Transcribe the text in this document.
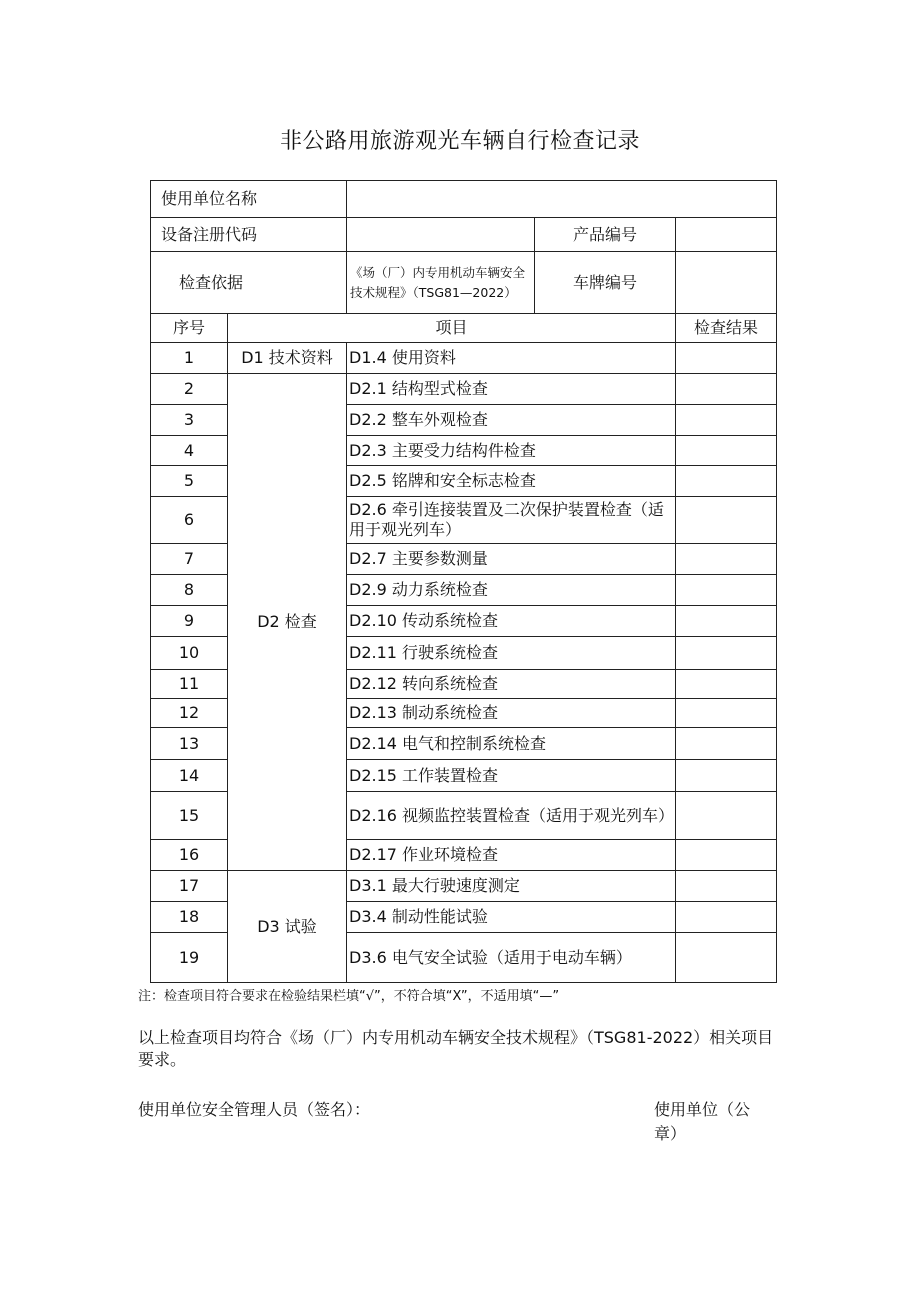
非公路用旅游观光车辆自行检查记录
使用单位名称				
设备注册代码			产品编号	
检查依据		《场（厂）内专用机动车辆安全技术规程》（TSG81—2022）	车牌编号	
序号	项目			检查结果
1	D1 技术资料	D1.4 使用资料		
2	D2 检查	D2.1 结构型式检查		
3		D2.2 整车外观检查		
4		D2.3 主要受力结构件检查		
5		D2.5 铭牌和安全标志检查		
6		D2.6 牵引连接装置及二次保护装置检查（适用于观光列车）		
7		D2.7 主要参数测量		
8		D2.9 动力系统检查		
9		D2.10 传动系统检查		
10		D2.11 行驶系统检查		
11		D2.12 转向系统检查		
12		D2.13 制动系统检查		
13		D2.14 电气和控制系统检查		
14		D2.15 工作装置检查		
15		D2.16 视频监控装置检查（适用于观光列车）		
16		D2.17 作业环境检查		
17	D3 试验	D3.1 最大行驶速度测定		
18		D3.4 制动性能试验		
19		D3.6 电气安全试验（适用于电动车辆）		
注：检查项目符合要求在检验结果栏填“√”，不符合填“X”，不适用填“—”
以上检查项目均符合《场（厂）内专用机动车辆安全技术规程》（TSG81-2022）相关项目要求。
使用单位安全管理人员（签名）：	使用单位（公章）
